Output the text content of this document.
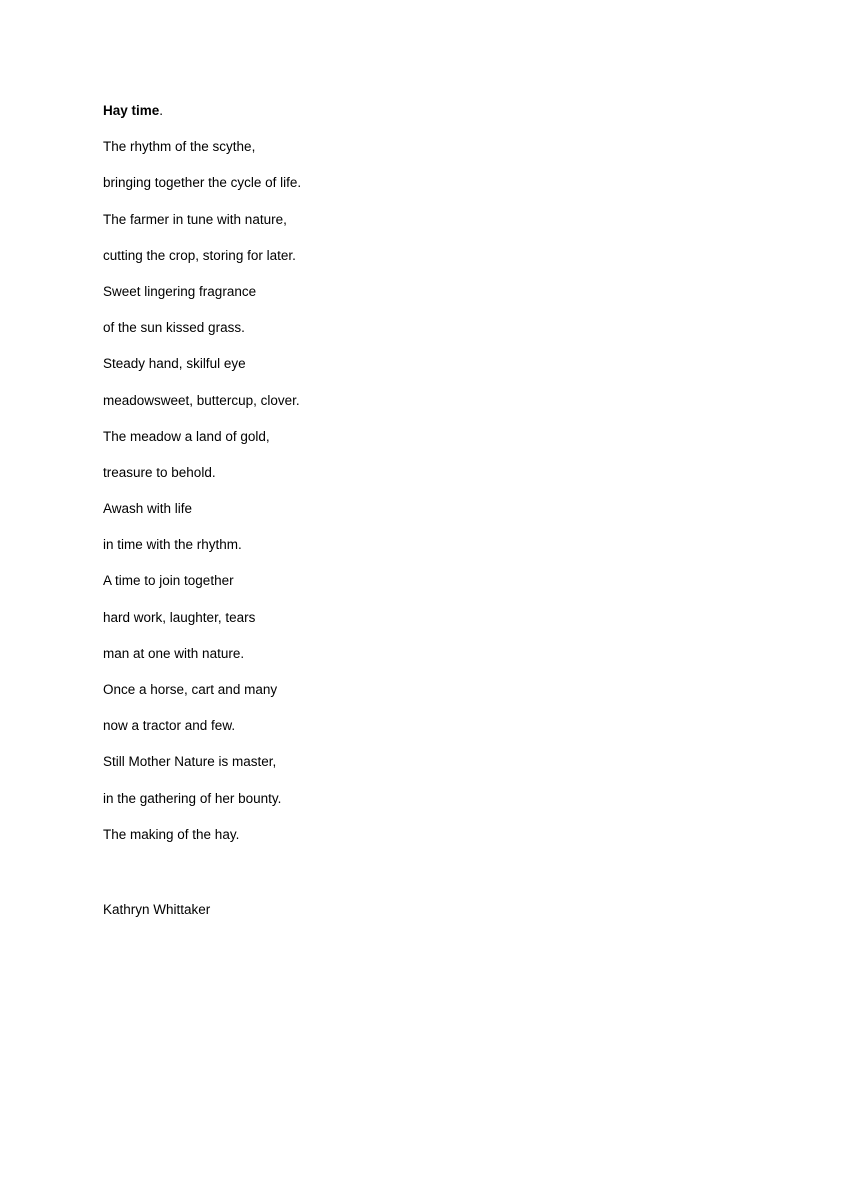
Hay time.
The rhythm of the scythe,
bringing together the cycle of life.
The farmer in tune with nature,
cutting the crop, storing for later.
Sweet lingering fragrance
of the sun kissed grass.
Steady hand, skilful eye
meadowsweet, buttercup, clover.
The meadow a land of gold,
treasure to behold.
Awash with life
in time with the rhythm.
A time to join together
hard work, laughter, tears
man at one with nature.
Once a horse, cart and many
now a tractor and few.
Still Mother Nature is master,
in the gathering of her bounty.
The making of the hay.
Kathryn Whittaker
